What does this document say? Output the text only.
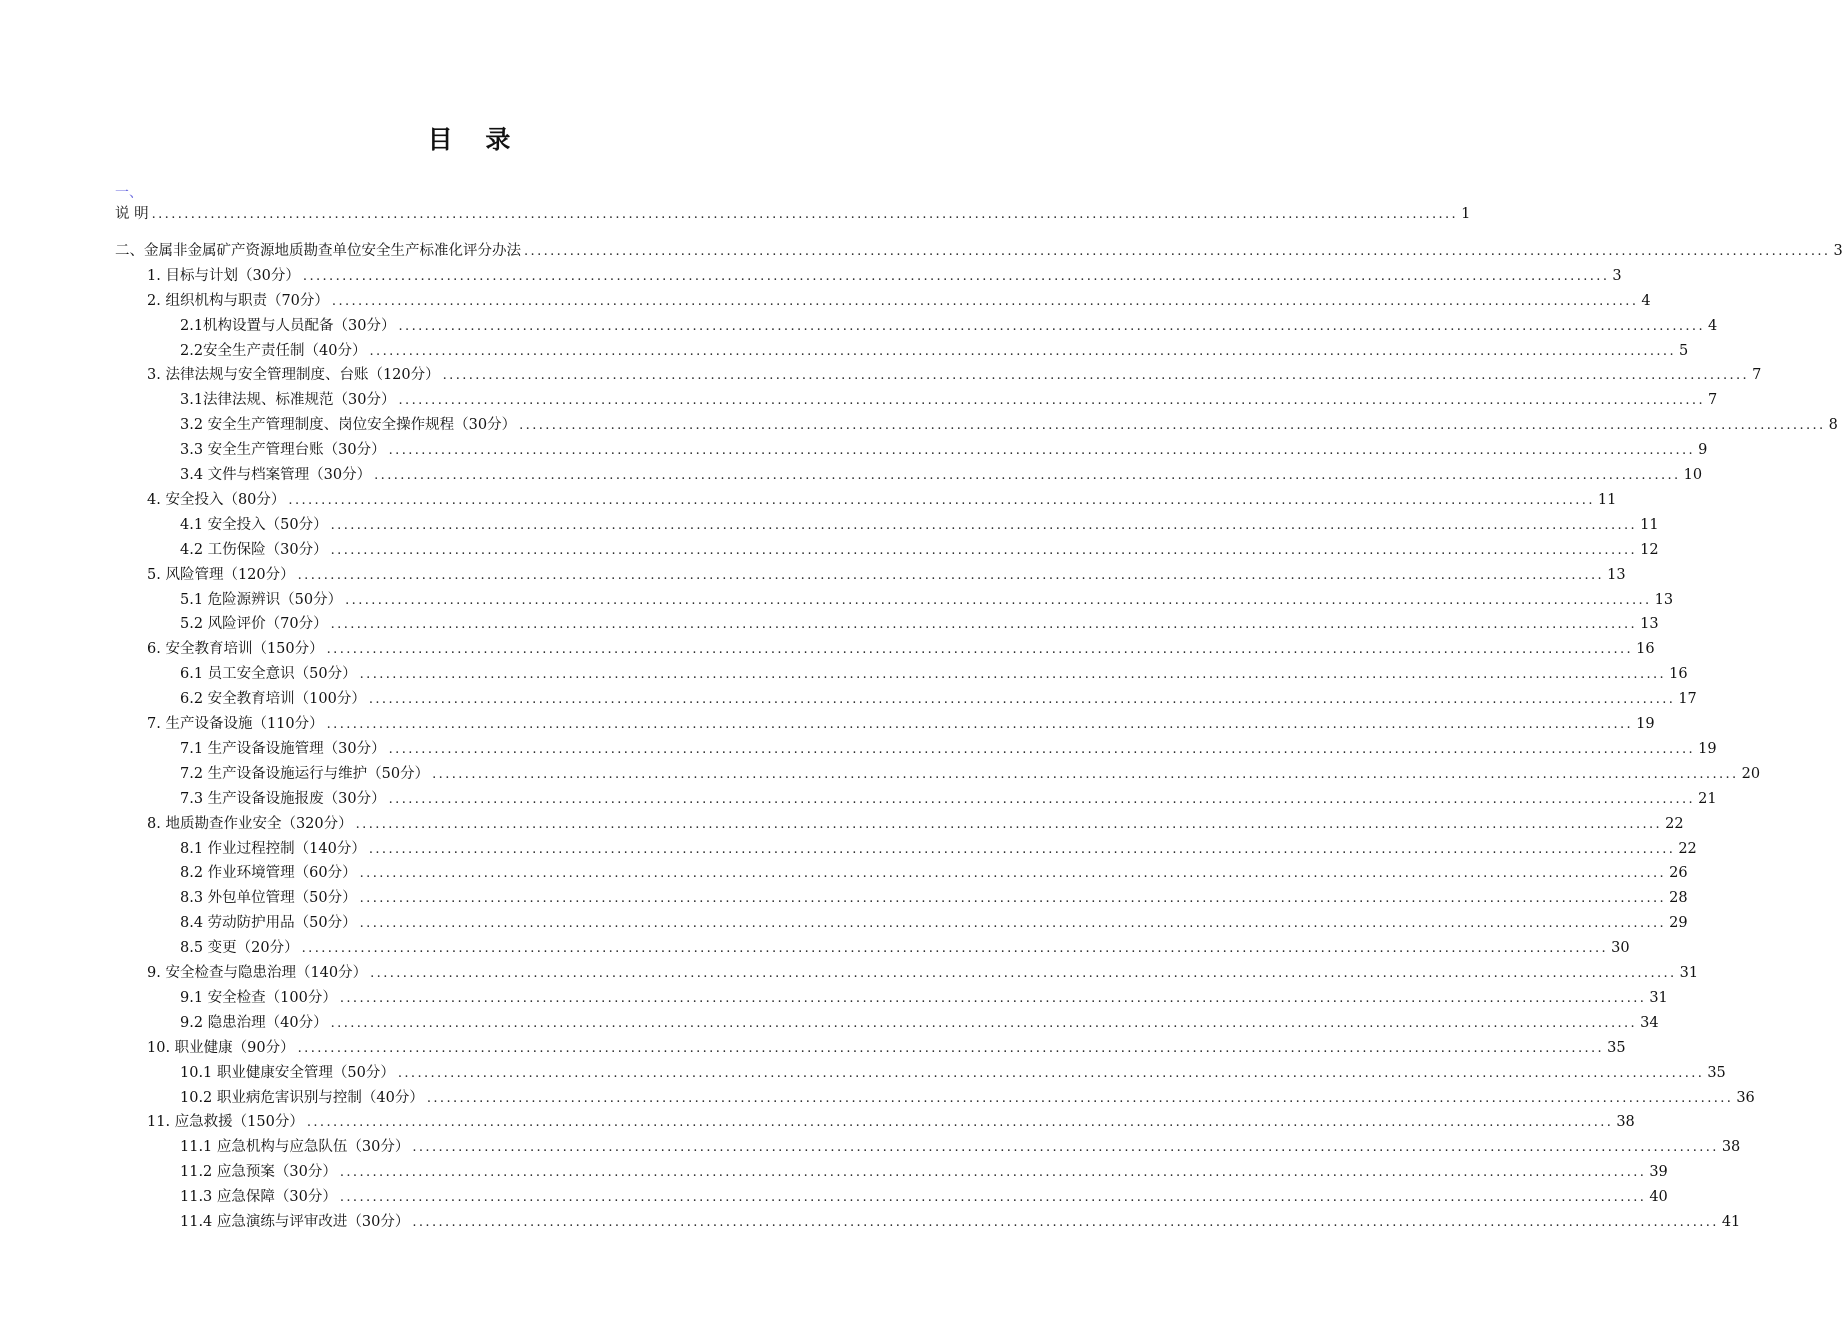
目 录
一、
说 明 ........................................................................................................................................................................................................ 1
二、金属非金属矿产资源地质勘查单位安全生产标准化评分办法 ........................................................................................................................................................................................................ 3
1. 目标与计划（30分） ........................................................................................................................................................................................................ 3
2. 组织机构与职责（70分） ........................................................................................................................................................................................................ 4
2.1机构设置与人员配备（30分） ........................................................................................................................................................................................................ 4
2.2安全生产责任制（40分） ........................................................................................................................................................................................................ 5
3. 法律法规与安全管理制度、台账（120分） ........................................................................................................................................................................................................ 7
3.1法律法规、标准规范（30分） ........................................................................................................................................................................................................ 7
3.2 安全生产管理制度、岗位安全操作规程（30分） ........................................................................................................................................................................................................ 8
3.3 安全生产管理台账（30分） ........................................................................................................................................................................................................ 9
3.4 文件与档案管理（30分） ........................................................................................................................................................................................................ 10
4. 安全投入（80分） ........................................................................................................................................................................................................ 11
4.1 安全投入（50分） ........................................................................................................................................................................................................ 11
4.2 工伤保险（30分） ........................................................................................................................................................................................................ 12
5. 风险管理（120分） ........................................................................................................................................................................................................ 13
5.1 危险源辨识（50分） ........................................................................................................................................................................................................ 13
5.2 风险评价（70分） ........................................................................................................................................................................................................ 13
6. 安全教育培训（150分） ........................................................................................................................................................................................................ 16
6.1 员工安全意识（50分） ........................................................................................................................................................................................................ 16
6.2 安全教育培训（100分） ........................................................................................................................................................................................................ 17
7. 生产设备设施（110分） ........................................................................................................................................................................................................ 19
7.1 生产设备设施管理（30分） ........................................................................................................................................................................................................ 19
7.2 生产设备设施运行与维护（50分） ........................................................................................................................................................................................................ 20
7.3 生产设备设施报废（30分） ........................................................................................................................................................................................................ 21
8. 地质勘查作业安全（320分） ........................................................................................................................................................................................................ 22
8.1 作业过程控制（140分） ........................................................................................................................................................................................................ 22
8.2 作业环境管理（60分） ........................................................................................................................................................................................................ 26
8.3 外包单位管理（50分） ........................................................................................................................................................................................................ 28
8.4 劳动防护用品（50分） ........................................................................................................................................................................................................ 29
8.5 变更（20分） ........................................................................................................................................................................................................ 30
9. 安全检查与隐患治理（140分） ........................................................................................................................................................................................................ 31
9.1 安全检查（100分） ........................................................................................................................................................................................................ 31
9.2 隐患治理（40分） ........................................................................................................................................................................................................ 34
10. 职业健康（90分） ........................................................................................................................................................................................................ 35
10.1 职业健康安全管理（50分） ........................................................................................................................................................................................................ 35
10.2 职业病危害识别与控制（40分） ........................................................................................................................................................................................................ 36
11. 应急救援（150分） ........................................................................................................................................................................................................ 38
11.1 应急机构与应急队伍（30分） ........................................................................................................................................................................................................ 38
11.2 应急预案（30分） ........................................................................................................................................................................................................ 39
11.3 应急保障（30分） ........................................................................................................................................................................................................ 40
11.4 应急演练与评审改进（30分） ........................................................................................................................................................................................................ 41
